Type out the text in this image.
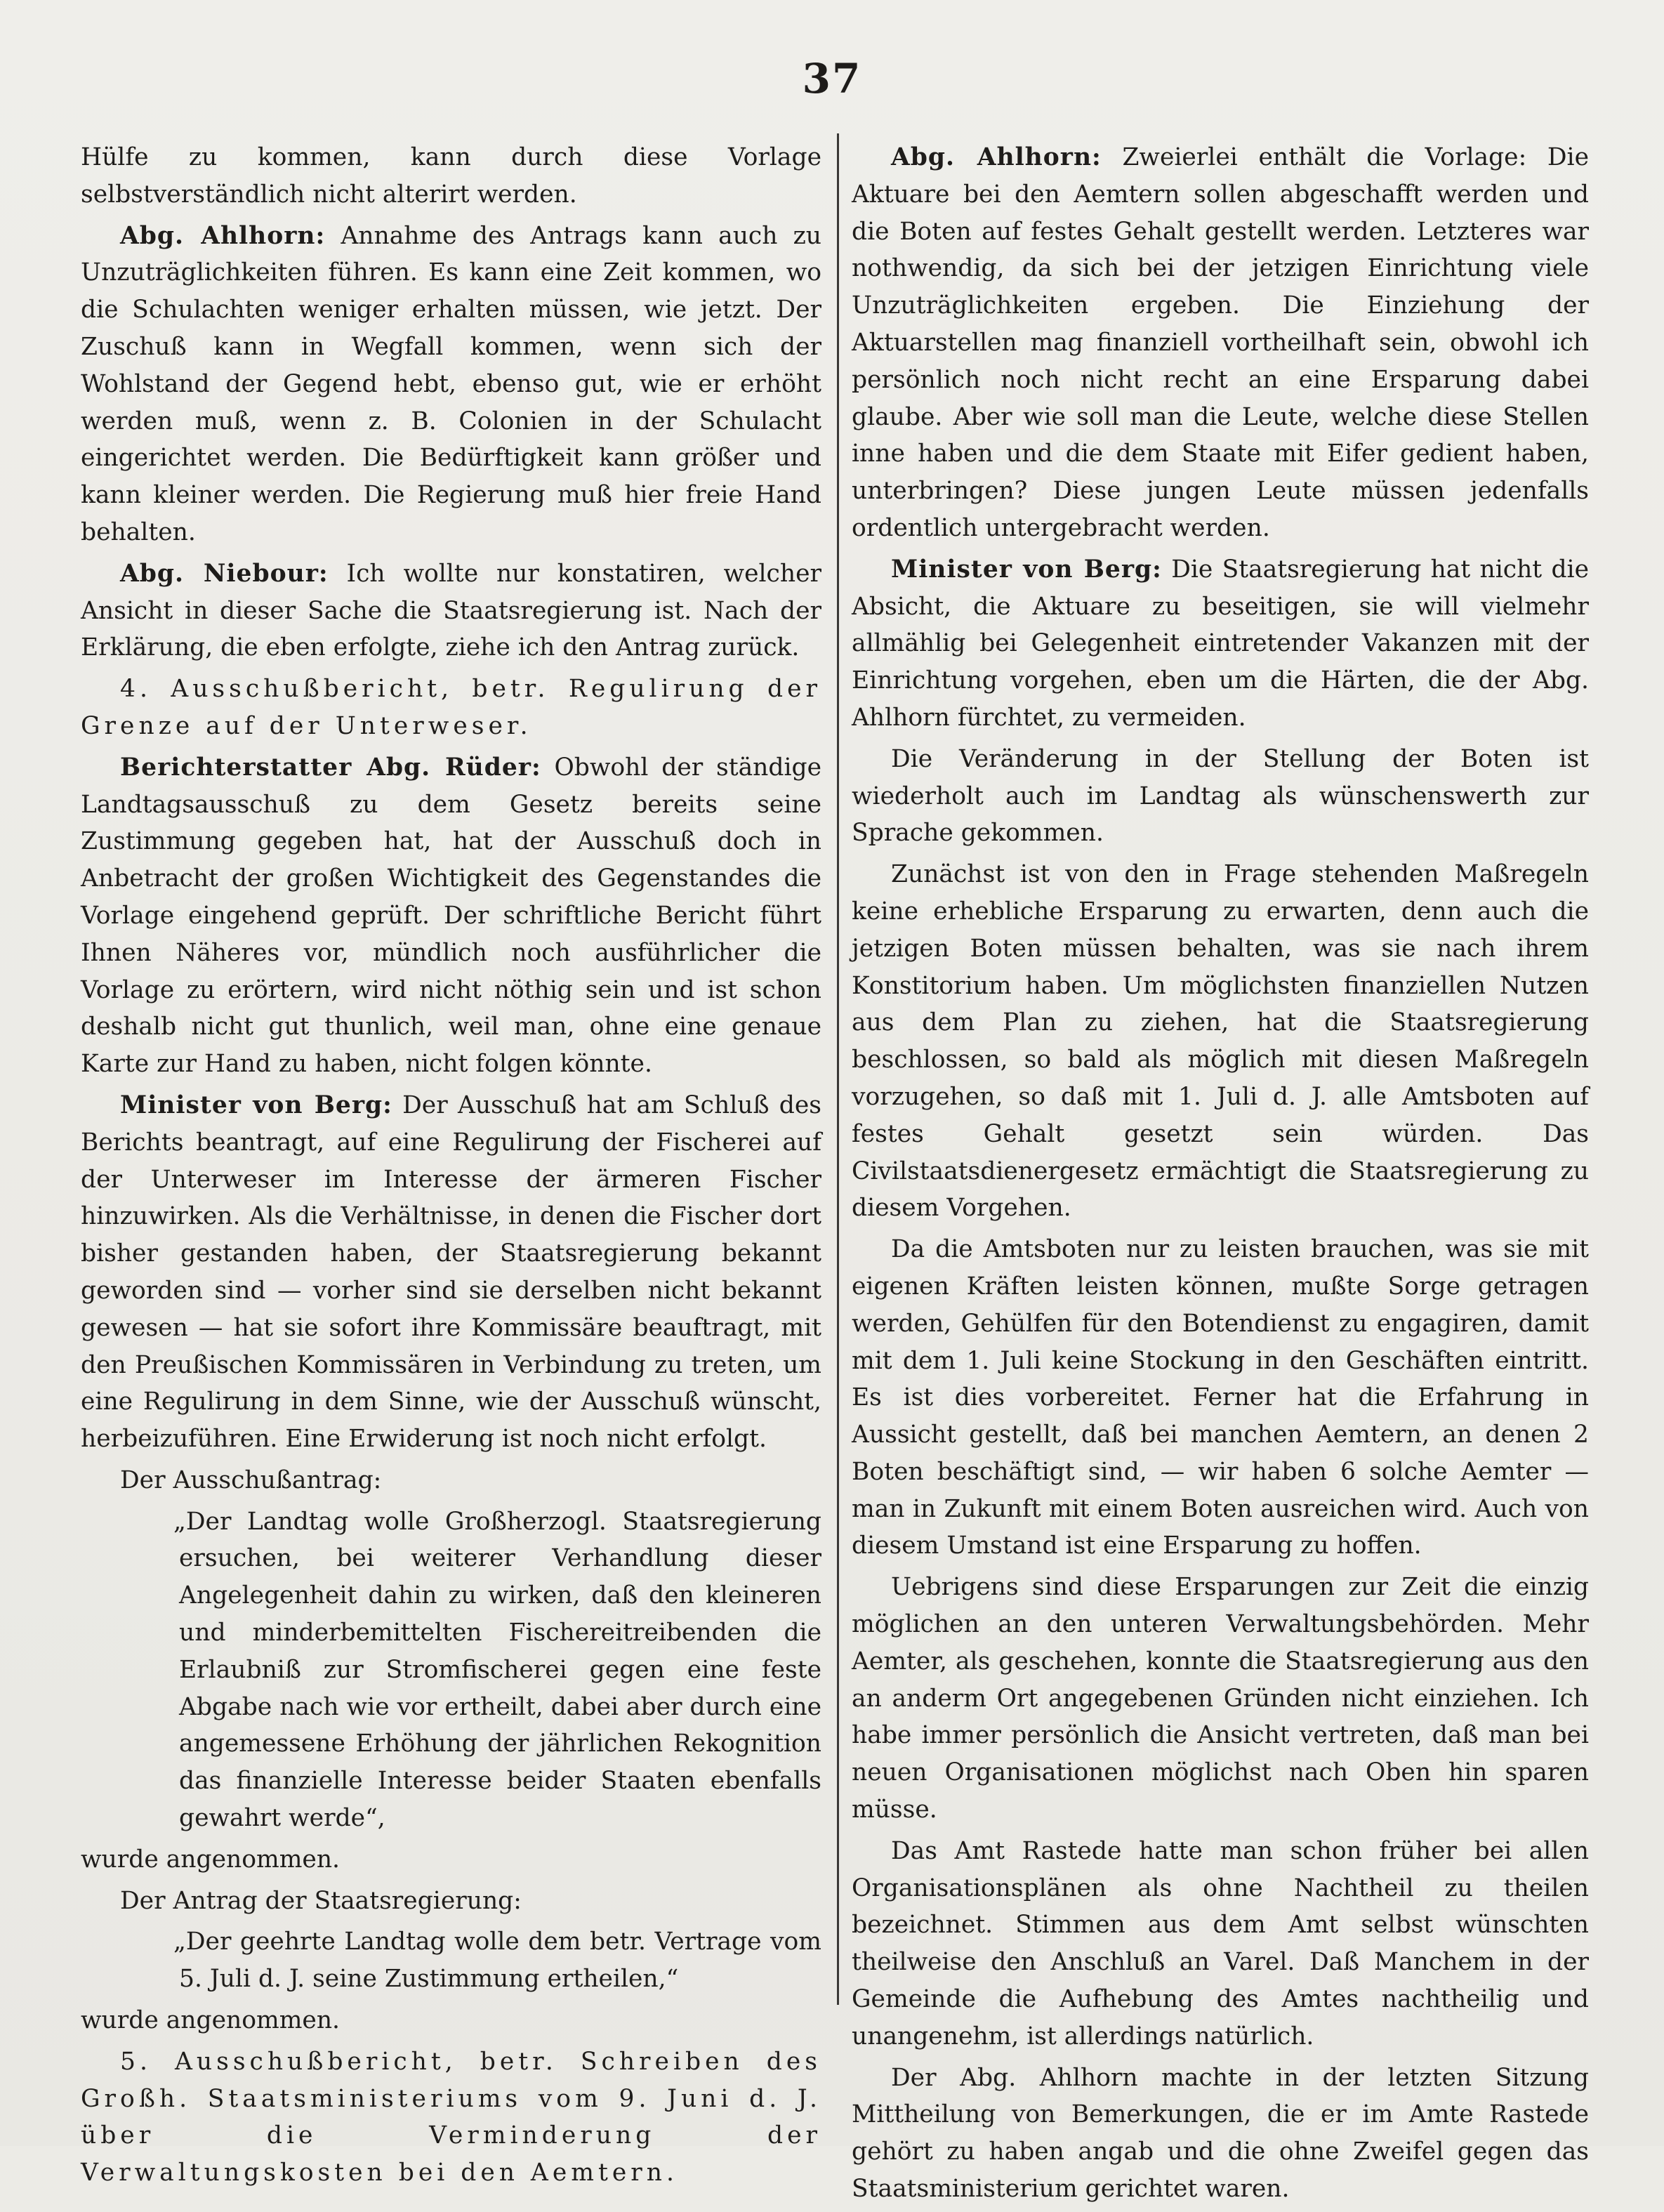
37

Hülfe zu kommen, kann durch diese Vorlage selbstverständlich nicht alterirt werden.

Abg. Ahlhorn: Annahme des Antrags kann auch zu Unzuträglichkeiten führen. Es kann eine Zeit kommen, wo die Schulachten weniger erhalten müssen, wie jetzt. Der Zuschuß kann in Wegfall kommen, wenn sich der Wohlstand der Gegend hebt, ebenso gut, wie er erhöht werden muß, wenn z. B. Colonien in der Schulacht eingerichtet werden. Die Bedürftigkeit kann größer und kann kleiner werden. Die Regierung muß hier freie Hand behalten.

Abg. Niebour: Ich wollte nur konstatiren, welcher Ansicht in dieser Sache die Staatsregierung ist. Nach der Erklärung, die eben erfolgte, ziehe ich den Antrag zurück.

4. Ausschußbericht, betr. Regulirung der Grenze auf der Unterweser.

Berichterstatter Abg. Rüder: Obwohl der ständige Landtagsausschuß zu dem Gesetz bereits seine Zustimmung gegeben hat, hat der Ausschuß doch in Anbetracht der großen Wichtigkeit des Gegenstandes die Vorlage eingehend geprüft. Der schriftliche Bericht führt Ihnen Näheres vor, mündlich noch ausführlicher die Vorlage zu erörtern, wird nicht nöthig sein und ist schon deshalb nicht gut thunlich, weil man, ohne eine genaue Karte zur Hand zu haben, nicht folgen könnte.

Minister von Berg: Der Ausschuß hat am Schluß des Berichts beantragt, auf eine Regulirung der Fischerei auf der Unterweser im Interesse der ärmeren Fischer hinzuwirken. Als die Verhältnisse, in denen die Fischer dort bisher gestanden haben, der Staatsregierung bekannt geworden sind — vorher sind sie derselben nicht bekannt gewesen — hat sie sofort ihre Kommissäre beauftragt, mit den Preußischen Kommissären in Verbindung zu treten, um eine Regulirung in dem Sinne, wie der Ausschuß wünscht, herbeizuführen. Eine Erwiderung ist noch nicht erfolgt.

Der Ausschußantrag:

„Der Landtag wolle Großherzogl. Staatsregierung ersuchen, bei weiterer Verhandlung dieser Angelegenheit dahin zu wirken, daß den kleineren und minderbemittelten Fischereitreibenden die Erlaubniß zur Stromfischerei gegen eine feste Abgabe nach wie vor ertheilt, dabei aber durch eine angemessene Erhöhung der jährlichen Rekognition das finanzielle Interesse beider Staaten ebenfalls gewahrt werde“,

wurde angenommen.

Der Antrag der Staatsregierung:

„Der geehrte Landtag wolle dem betr. Vertrage vom 5. Juli d. J. seine Zustimmung ertheilen,“

wurde angenommen.

5. Ausschußbericht, betr. Schreiben des Großh. Staatsministeriums vom 9. Juni d. J. über die Verminderung der Verwaltungskosten bei den Aemtern.

Abg. Ahlhorn: Zweierlei enthält die Vorlage: Die Aktuare bei den Aemtern sollen abgeschafft werden und die Boten auf festes Gehalt gestellt werden. Letzteres war nothwendig, da sich bei der jetzigen Einrichtung viele Unzuträglichkeiten ergeben. Die Einziehung der Aktuarstellen mag finanziell vortheilhaft sein, obwohl ich persönlich noch nicht recht an eine Ersparung dabei glaube. Aber wie soll man die Leute, welche diese Stellen inne haben und die dem Staate mit Eifer gedient haben, unterbringen? Diese jungen Leute müssen jedenfalls ordentlich untergebracht werden.

Minister von Berg: Die Staatsregierung hat nicht die Absicht, die Aktuare zu beseitigen, sie will vielmehr allmählig bei Gelegenheit eintretender Vakanzen mit der Einrichtung vorgehen, eben um die Härten, die der Abg. Ahlhorn fürchtet, zu vermeiden.

Die Veränderung in der Stellung der Boten ist wiederholt auch im Landtag als wünschenswerth zur Sprache gekommen.

Zunächst ist von den in Frage stehenden Maßregeln keine erhebliche Ersparung zu erwarten, denn auch die jetzigen Boten müssen behalten, was sie nach ihrem Konstitorium haben. Um möglichsten finanziellen Nutzen aus dem Plan zu ziehen, hat die Staatsregierung beschlossen, so bald als möglich mit diesen Maßregeln vorzugehen, so daß mit 1. Juli d. J. alle Amtsboten auf festes Gehalt gesetzt sein würden. Das Civilstaatsdienergesetz ermächtigt die Staatsregierung zu diesem Vorgehen.

Da die Amtsboten nur zu leisten brauchen, was sie mit eigenen Kräften leisten können, mußte Sorge getragen werden, Gehülfen für den Botendienst zu engagiren, damit mit dem 1. Juli keine Stockung in den Geschäften eintritt. Es ist dies vorbereitet. Ferner hat die Erfahrung in Aussicht gestellt, daß bei manchen Aemtern, an denen 2 Boten beschäftigt sind, — wir haben 6 solche Aemter — man in Zukunft mit einem Boten ausreichen wird. Auch von diesem Umstand ist eine Ersparung zu hoffen.

Uebrigens sind diese Ersparungen zur Zeit die einzig möglichen an den unteren Verwaltungsbehörden. Mehr Aemter, als geschehen, konnte die Staatsregierung aus den an anderm Ort angegebenen Gründen nicht einziehen. Ich habe immer persönlich die Ansicht vertreten, daß man bei neuen Organisationen möglichst nach Oben hin sparen müsse.

Das Amt Rastede hatte man schon früher bei allen Organisationsplänen als ohne Nachtheil zu theilen bezeichnet. Stimmen aus dem Amt selbst wünschten theilweise den Anschluß an Varel. Daß Manchem in der Gemeinde die Aufhebung des Amtes nachtheilig und unangenehm, ist allerdings natürlich.

Der Abg. Ahlhorn machte in der letzten Sitzung Mittheilung von Bemerkungen, die er im Amte Rastede gehört zu haben angab und die ohne Zweifel gegen das Staatsministerium gerichtet waren.
